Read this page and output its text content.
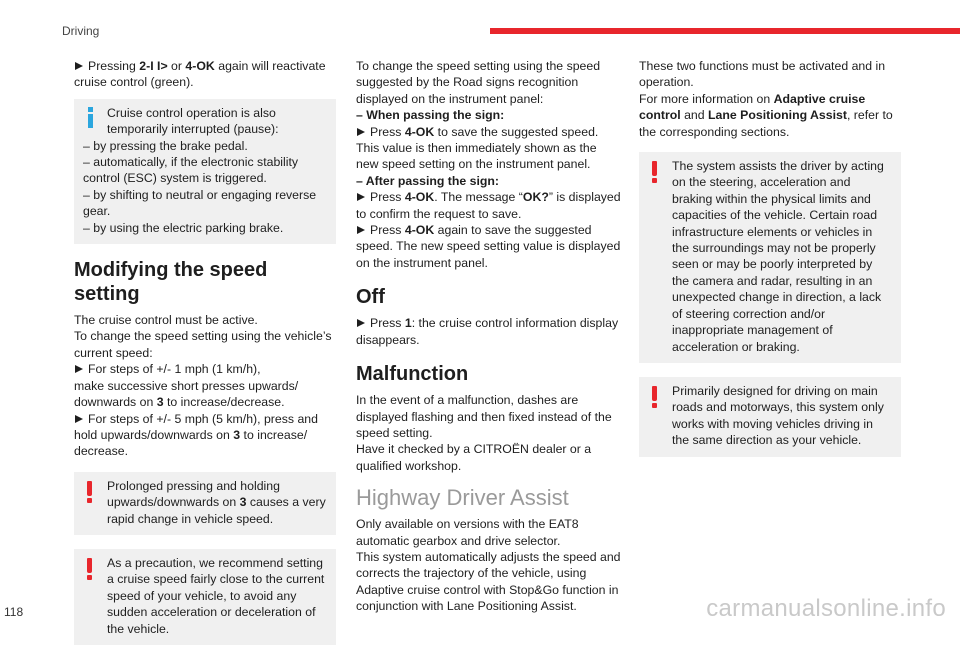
Driving

Pressing 2-I I> or 4-OK again will reactivate cruise control (green).

Cruise control operation is also temporarily interrupted (pause):
– by pressing the brake pedal.
– automatically, if the electronic stability control (ESC) system is triggered.
– by shifting to neutral or engaging reverse gear.
– by using the electric parking brake.
Modifying the speed setting
The cruise control must be active.
To change the speed setting using the vehicle’s current speed:
For steps of +/- 1 mph (1 km/h),
make successive short presses upwards/ downwards on 3 to increase/decrease.
For steps of +/- 5 mph (5 km/h), press and hold upwards/downwards on 3 to increase/ decrease.
Prolonged pressing and holding upwards/downwards on 3 causes a very rapid change in vehicle speed.
As a precaution, we recommend setting a cruise speed fairly close to the current speed of your vehicle, to avoid any sudden acceleration or deceleration of the vehicle.
To change the speed setting using the speed suggested by the Road signs recognition displayed on the instrument panel:
– When passing the sign:
Press 4-OK to save the suggested speed.
This value is then immediately shown as the new speed setting on the instrument panel.
– After passing the sign:
Press 4-OK. The message “OK?” is displayed to confirm the request to save.
Press 4-OK again to save the suggested speed. The new speed setting value is displayed on the instrument panel.
Off
Press 1: the cruise control information display disappears.
Malfunction
In the event of a malfunction, dashes are displayed flashing and then fixed instead of the speed setting.
Have it checked by a CITROËN dealer or a qualified workshop.
Highway Driver Assist
Only available on versions with the EAT8 automatic gearbox and drive selector.
This system automatically adjusts the speed and corrects the trajectory of the vehicle, using Adaptive cruise control with Stop&Go function in conjunction with Lane Positioning Assist.
These two functions must be activated and in operation.
For more information on Adaptive cruise control and Lane Positioning Assist, refer to the corresponding sections.
The system assists the driver by acting on the steering, acceleration and braking within the physical limits and capacities of the vehicle. Certain road infrastructure elements or vehicles in the surroundings may not be properly seen or may be poorly interpreted by the camera and radar, resulting in an unexpected change in direction, a lack of steering correction and/or inappropriate management of acceleration or braking.
Primarily designed for driving on main roads and motorways, this system only works with moving vehicles driving in the same direction as your vehicle.
118	carmanualsonline.info
